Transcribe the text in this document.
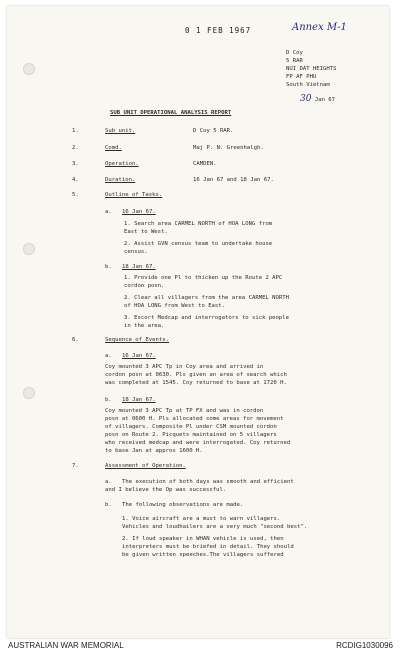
0 1 FEB 1967	Annex M-1
D Coy
5 RAR
NUI DAT HEIGHTS
FP AF PHU
South Vietnam
30 Jan 67
SUB UNIT OPERATIONAL ANALYSIS REPORT
1.	Sub unit.	D Coy 5 RAR.
2.	Comd.	Maj P. N. Greenhalgh.
3.	Operation.	CAMDEN.
4.	Duration.	16 Jan 67 and 18 Jan 67.
5.	Outline of Tasks.
a. 16 Jan 67.
1. Search area CARMEL NORTH of HOA LONG from
East to West.
2. Assist GVN census team to undertake house
census.
b. 18 Jan 67.
1. Provide one Pl to thicken up the Route 2 APC
cordon posn.
2. Clear all villagers from the area CARMEL NORTH
of HOA LONG from West to East.
3. Escort Medcap and interrogators to sick people
in the area.
6.	Sequence of Events.
a. 16 Jan 67.
Coy mounted 3 APC Tp in Coy area and arrived in
cordon posn at 0630. Pls given an area of search which
was completed at 1545. Coy returned to base at 1720 H.
b. 18 Jan 67.
Coy mounted 3 APC Tp at TP FX and was in cordon
posn at 0600 H. Pls allocated some areas for movement
of villagers. Composite Pl under CSM mounted cordon
posn on Route 2. Picquets maintained on 5 villagers
who received medcap and were interrogated. Coy returned
to base Jan at approx 1600 H.
7.	Assessment of Operation.
a. The execution of both days was smooth and efficient
and I believe the Op was successful.
b. The following observations are made.
1. Voice aircraft are a must to warn villagers.
Vehicles and loudhailers are a very much "second best".
2. If loud speaker in WHAN vehicle is used, then
interpreters must be briefed in detail. They should
be given written speeches.The villagers suffered
AUSTRALIAN WAR MEMORIAL	RCDIG1030096
